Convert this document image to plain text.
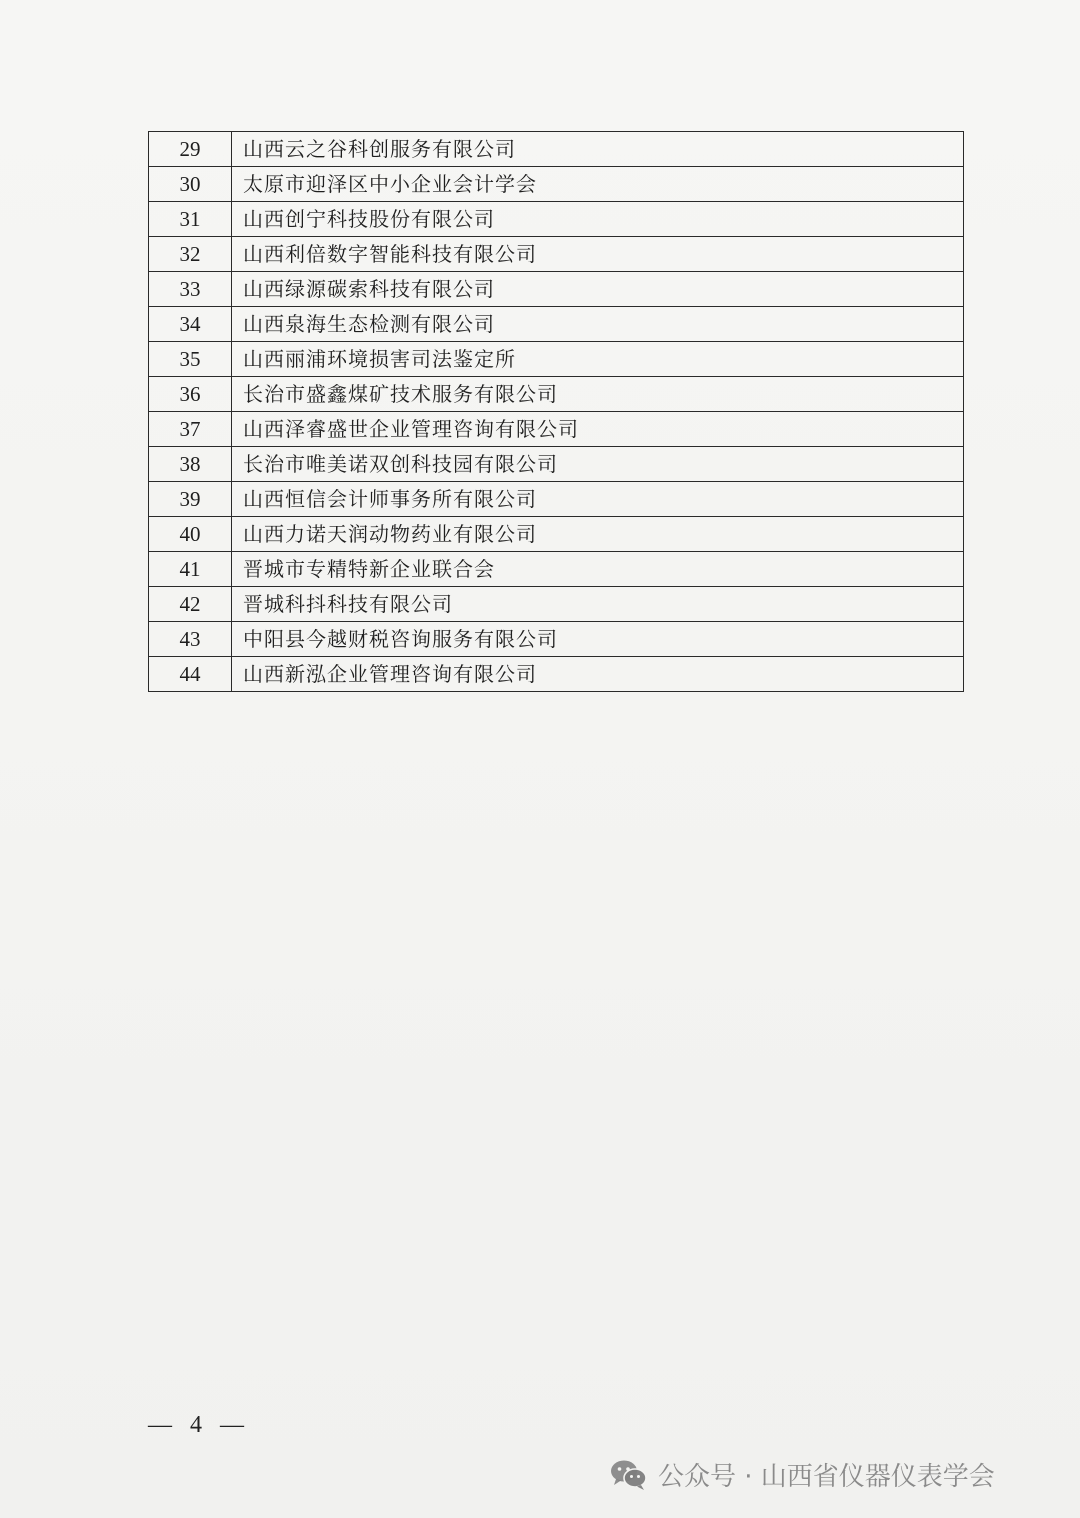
29	山西云之谷科创服务有限公司
30	太原市迎泽区中小企业会计学会
31	山西创宁科技股份有限公司
32	山西利倍数字智能科技有限公司
33	山西绿源碳索科技有限公司
34	山西泉海生态检测有限公司
35	山西丽浦环境损害司法鉴定所
36	长治市盛鑫煤矿技术服务有限公司
37	山西泽睿盛世企业管理咨询有限公司
38	长治市唯美诺双创科技园有限公司
39	山西恒信会计师事务所有限公司
40	山西力诺天润动物药业有限公司
41	晋城市专精特新企业联合会
42	晋城科抖科技有限公司
43	中阳县今越财税咨询服务有限公司
44	山西新泓企业管理咨询有限公司
— 4 —
公众号 · 山西省仪器仪表学会
